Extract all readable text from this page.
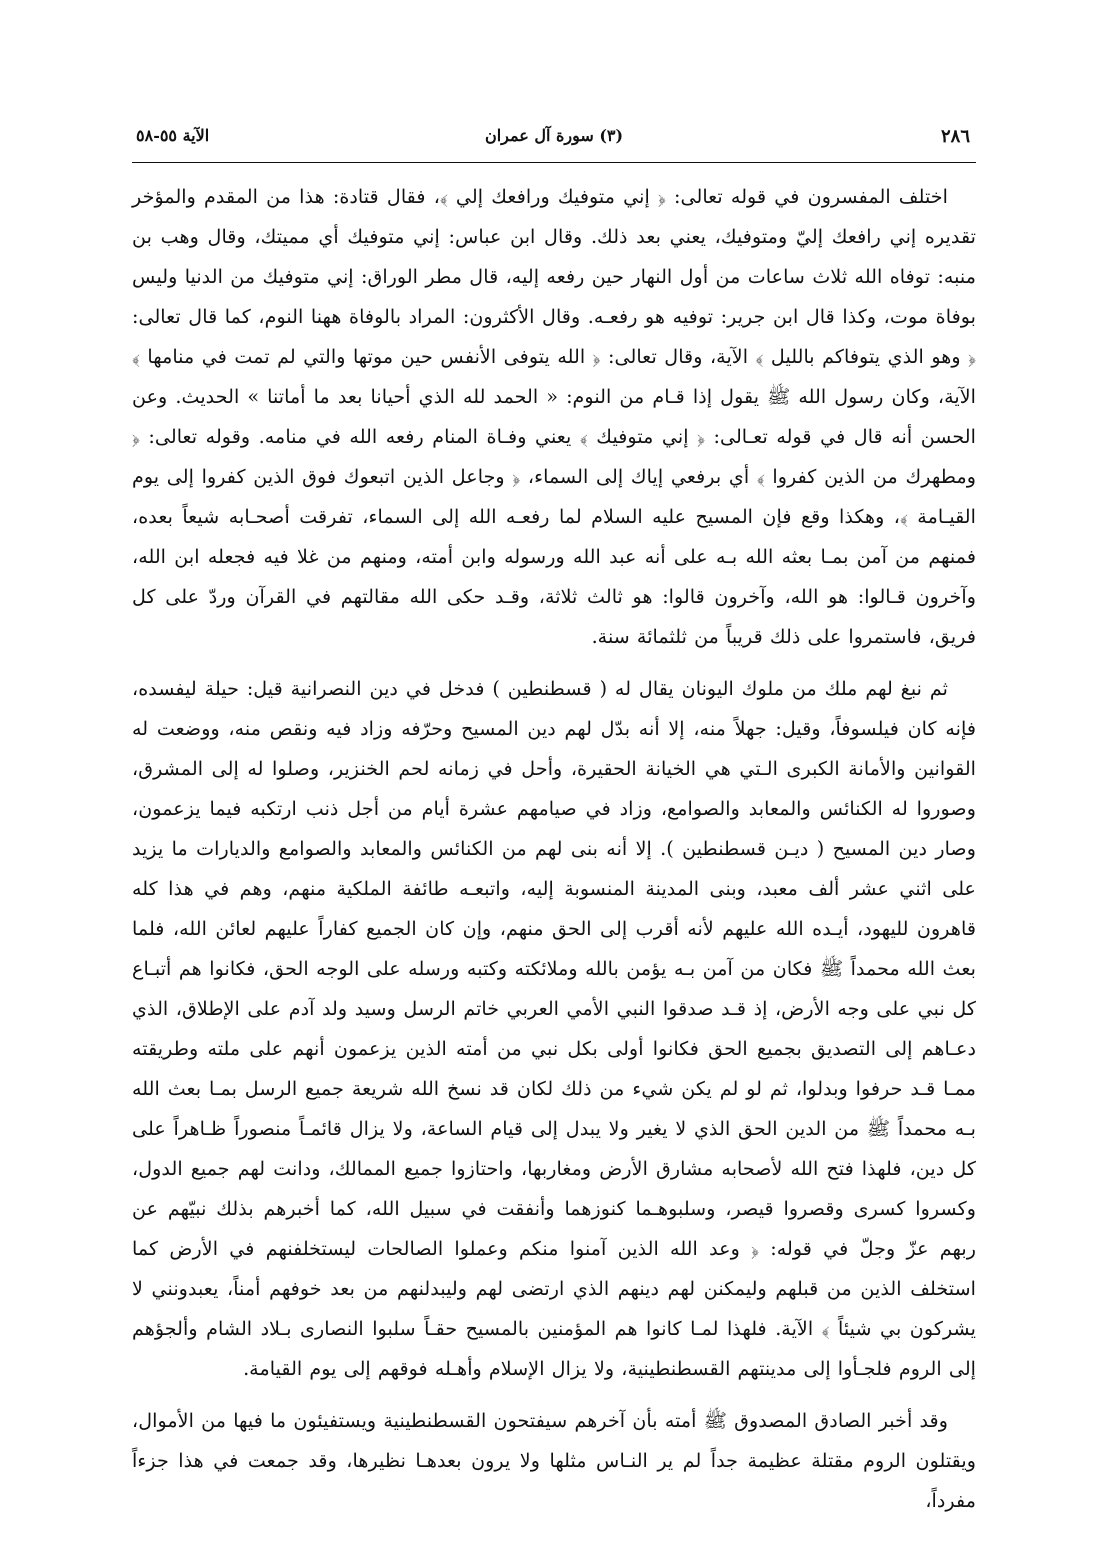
٢٨٦
(٣) سورة آل عمران
الآية ٥٥-٥٨

اختلف المفسرون في قوله تعالى: ﴿ إني متوفيك ورافعك إلي ﴾، فقال قتادة: هذا من المقدم والمؤخر تقديره إني رافعك إليّ ومتوفيك، يعني بعد ذلك. وقال ابن عباس: إني متوفيك أي مميتك، وقال وهب بن منبه: توفاه الله ثلاث ساعات من أول النهار حين رفعه إليه، قال مطر الوراق: إني متوفيك من الدنيا وليس بوفاة موت، وكذا قال ابن جرير: توفيه هو رفعـه. وقال الأكثرون: المراد بالوفاة ههنا النوم، كما قال تعالى: ﴿ وهو الذي يتوفاكم بالليل ﴾ الآية، وقال تعالى: ﴿ الله يتوفى الأنفس حين موتها والتي لم تمت في منامها ﴾ الآية، وكان رسول الله ﷺ يقول إذا قـام من النوم: « الحمد لله الذي أحيانا بعد ما أماتنا » الحديث. وعن الحسن أنه قال في قوله تعـالى: ﴿ إني متوفيك ﴾ يعني وفـاة المنام رفعه الله في منامه. وقوله تعالى: ﴿ ومطهرك من الذين كفروا ﴾ أي برفعي إياك إلى السماء، ﴿ وجاعل الذين اتبعوك فوق الذين كفروا إلى يوم القيـامة ﴾، وهكذا وقع فإن المسيح عليه السلام لما رفعـه الله إلى السماء، تفرقت أصحـابه شيعاً بعده، فمنهم من آمن بمـا بعثه الله بـه على أنه عبد الله ورسوله وابن أمته، ومنهم من غلا فيه فجعله ابن الله، وآخرون قـالوا: هو الله، وآخرون قالوا: هو ثالث ثلاثة، وقـد حكى الله مقالتهم في القرآن وردّ على كل فريق، فاستمروا على ذلك قريباً من ثلثمائة سنة.

ثم نبغ لهم ملك من ملوك اليونان يقال له ( قسطنطين ) فدخل في دين النصرانية قيل: حيلة ليفسده، فإنه كان فيلسوفاً، وقيل: جهلاً منه، إلا أنه بدّل لهم دين المسيح وحرّفه وزاد فيه ونقص منه، ووضعت له القوانين والأمانة الكبرى الـتي هي الخيانة الحقيرة، وأحل في زمانه لحم الخنزير، وصلوا له إلى المشرق، وصوروا له الكنائس والمعابد والصوامع، وزاد في صيامهم عشرة أيام من أجل ذنب ارتكبه فيما يزعمون، وصار دين المسيح ( ديـن قسطنطين ). إلا أنه بنى لهم من الكنائس والمعابد والصوامع والديارات ما يزيد على اثني عشر ألف معبد، وبنى المدينة المنسوبة إليه، واتبعـه طائفة الملكية منهم، وهم في هذا كله قاهرون لليهود، أيـده الله عليهم لأنه أقرب إلى الحق منهم، وإن كان الجميع كفاراً عليهم لعائن الله، فلما بعث الله محمداً ﷺ فكان من آمن بـه يؤمن بالله وملائكته وكتبه ورسله على الوجه الحق، فكانوا هم أتبـاع كل نبي على وجه الأرض، إذ قـد صدقوا النبي الأمي العربي خاتم الرسل وسيد ولد آدم على الإطلاق، الذي دعـاهم إلى التصديق بجميع الحق فكانوا أولى بكل نبي من أمته الذين يزعمون أنهم على ملته وطريقته ممـا قـد حرفوا وبدلوا، ثم لو لم يكن شيء من ذلك لكان قد نسخ الله شريعة جميع الرسل بمـا بعث الله بـه محمداً ﷺ من الدين الحق الذي لا يغير ولا يبدل إلى قيام الساعة، ولا يزال قائمـاً منصوراً ظـاهراً على كل دين، فلهذا فتح الله لأصحابه مشارق الأرض ومغاربها، واحتازوا جميع الممالك، ودانت لهم جميع الدول، وكسروا كسرى وقصروا قيصر، وسلبوهـما كنوزهما وأنفقت في سبيل الله، كما أخبرهم بذلك نبيّهم عن ربهم عزّ وجلّ في قوله: ﴿ وعد الله الذين آمنوا منكم وعملوا الصالحات ليستخلفنهم في الأرض كما استخلف الذين من قبلهم وليمكنن لهم دينهم الذي ارتضى لهم وليبدلنهم من بعد خوفهم أمناً، يعبدونني لا يشركون بي شيئاً ﴾ الآية. فلهذا لمـا كانوا هم المؤمنين بالمسيح حقـاً سلبوا النصارى بـلاد الشام وألجؤهم إلى الروم فلجـأوا إلى مدينتهم القسطنطينية، ولا يزال الإسلام وأهـله فوقهم إلى يوم القيامة.

وقد أخبر الصادق المصدوق ﷺ أمته بأن آخرهم سيفتحون القسطنطينية ويستفيئون ما فيها من الأموال، ويقتلون الروم مقتلة عظيمة جداً لم ير النـاس مثلها ولا يرون بعدهـا نظيرها، وقد جمعت في هذا جزءاً مفرداً،
